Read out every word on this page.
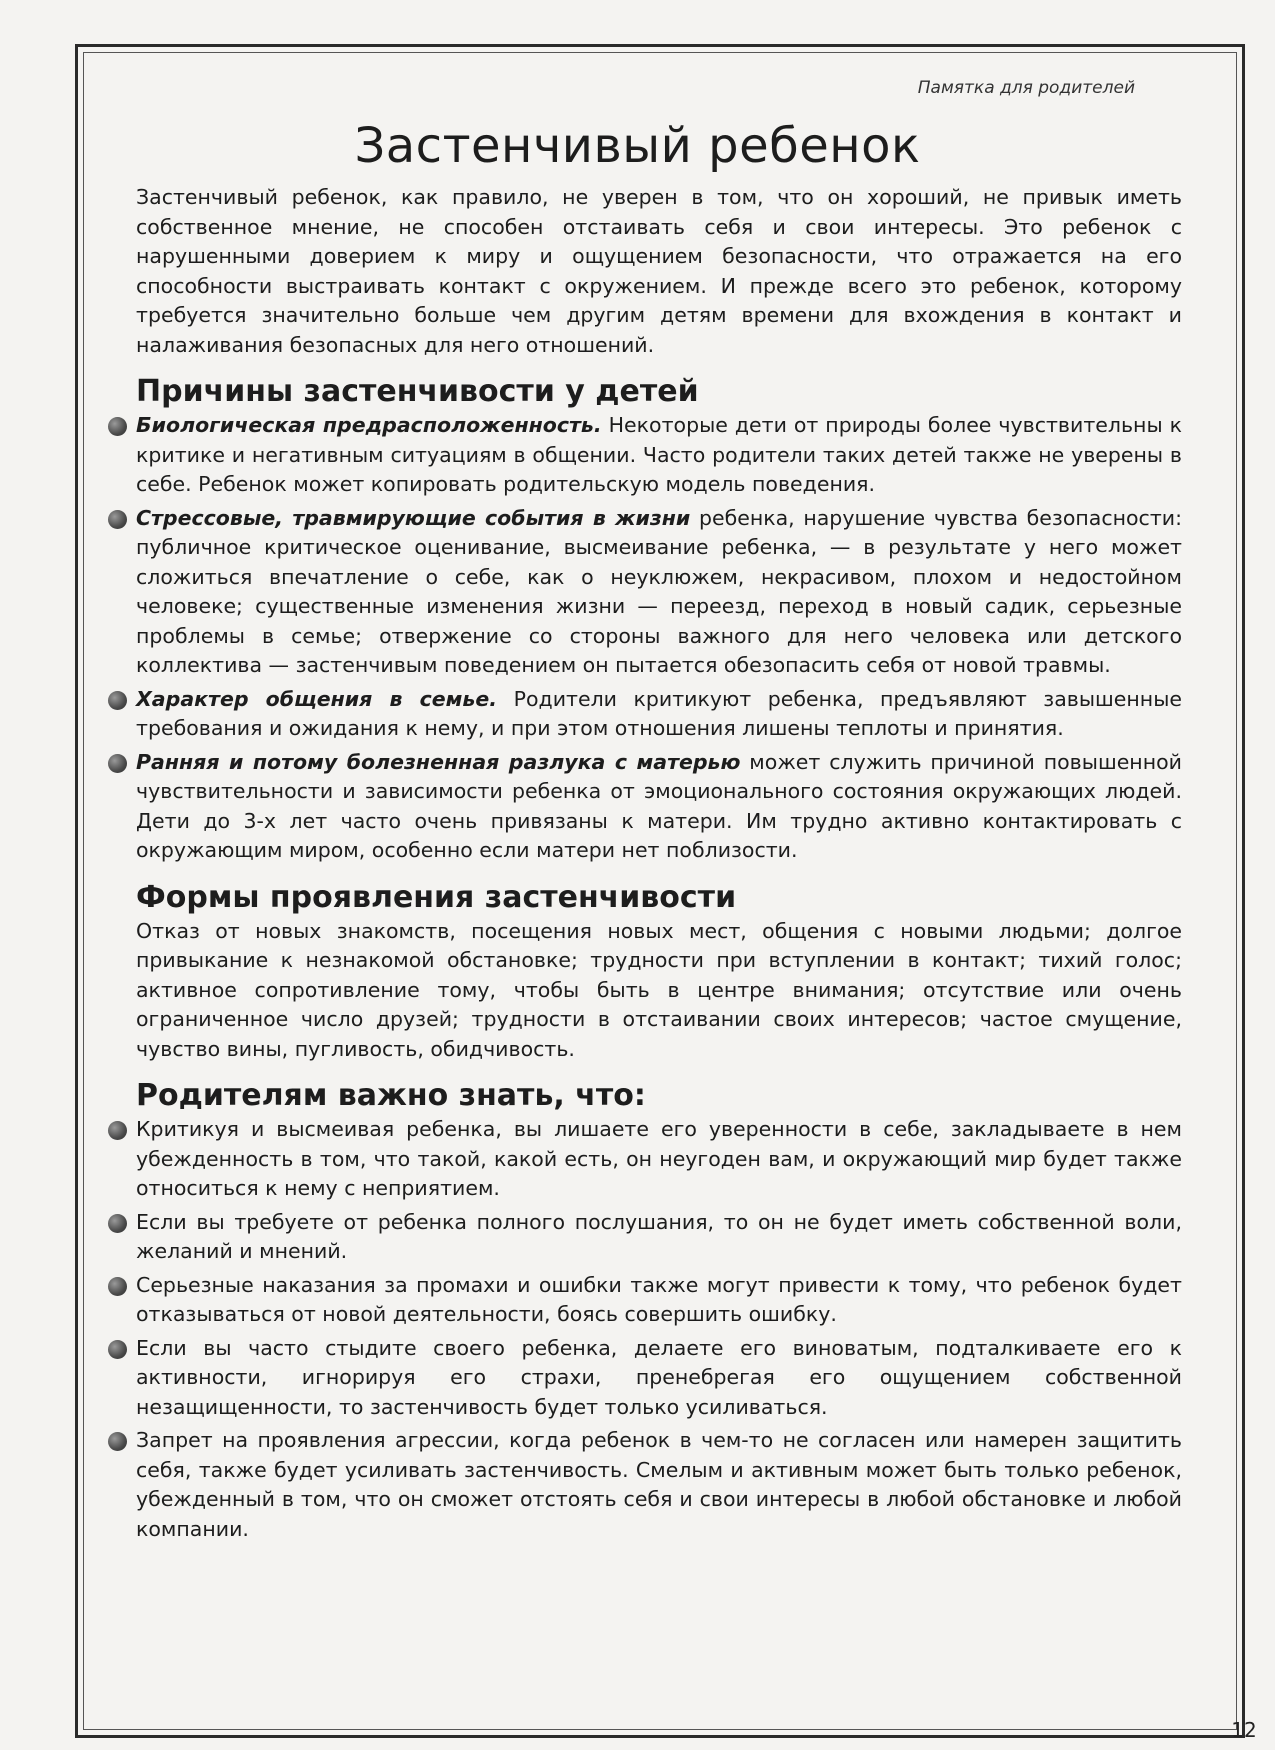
Памятка для родителей
Застенчивый ребенок

Застенчивый ребенок, как правило, не уверен в том, что он хороший, не привык иметь собственное мнение, не способен отстаивать себя и свои интересы. Это ребенок с нарушенными доверием к миру и ощущением безопасности, что отражается на его способности выстраивать контакт с окружением. И прежде всего это ребенок, которому требуется значительно больше чем другим детям времени для вхождения в контакт и налаживания безопасных для него отношений.

Причины застенчивости у детей

Биологическая предрасположенность. Некоторые дети от природы более чувствительны к критике и негативным ситуациям в общении. Часто родители таких детей также не уверены в себе. Ребенок может копировать родительскую модель поведения.

Стрессовые, травмирующие события в жизни ребенка, нарушение чувства безопасности: публичное критическое оценивание, высмеивание ребенка, — в результате у него может сложиться впечатление о себе, как о неуклюжем, некрасивом, плохом и недостойном человеке; существенные изменения жизни — переезд, переход в новый садик, серьезные проблемы в семье; отвержение со стороны важного для него человека или детского коллектива — застенчивым поведением он пытается обезопасить себя от новой травмы.

Характер общения в семье. Родители критикуют ребенка, предъявляют завышенные требования и ожидания к нему, и при этом отношения лишены теплоты и принятия.

Ранняя и потому болезненная разлука с матерью может служить причиной повышенной чувствительности и зависимости ребенка от эмоционального состояния окружающих людей. Дети до 3-х лет часто очень привязаны к матери. Им трудно активно контактировать с окружающим миром, особенно если матери нет поблизости.

Формы проявления застенчивости

Отказ от новых знакомств, посещения новых мест, общения с новыми людьми; долгое привыкание к незнакомой обстановке; трудности при вступлении в контакт; тихий голос; активное сопротивление тому, чтобы быть в центре внимания; отсутствие или очень ограниченное число друзей; трудности в отстаивании своих интересов; частое смущение, чувство вины, пугливость, обидчивость.

Родителям важно знать, что:

Критикуя и высмеивая ребенка, вы лишаете его уверенности в себе, закладываете в нем убежденность в том, что такой, какой есть, он неугоден вам, и окружающий мир будет также относиться к нему с неприятием.

Если вы требуете от ребенка полного послушания, то он не будет иметь собственной воли, желаний и мнений.

Серьезные наказания за промахи и ошибки также могут привести к тому, что ребенок будет отказываться от новой деятельности, боясь совершить ошибку.

Если вы часто стыдите своего ребенка, делаете его виноватым, подталкиваете его к активности, игнорируя его страхи, пренебрегая его ощущением собственной незащищенности, то застенчивость будет только усиливаться.

Запрет на проявления агрессии, когда ребенок в чем-то не согласен или намерен защитить себя, также будет усиливать застенчивость. Смелым и активным может быть только ребенок, убежденный в том, что он сможет отстоять себя и свои интересы в любой обстановке и любой компании.

12
